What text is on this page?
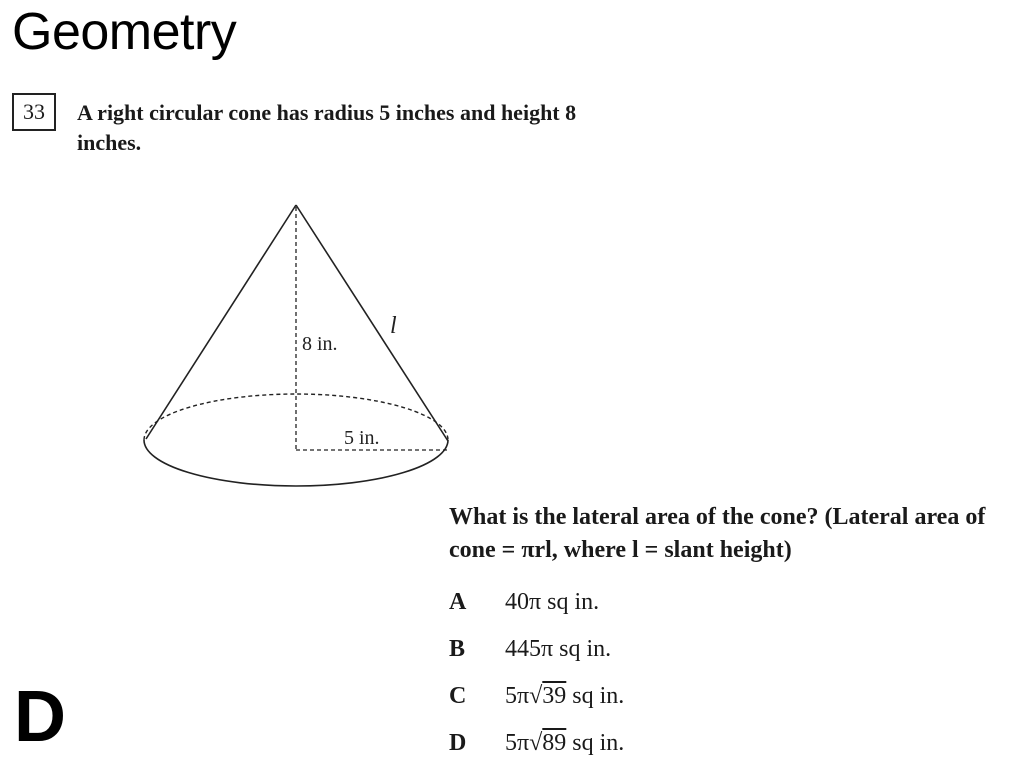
Geometry
33	A right circular cone has radius 5 inches and height 8 inches.
8 in.
5 in.
l
What is the lateral area of the cone? (Lateral area of cone = πrl, where l = slant height)
A 40π sq in.
B 445π sq in.
C 5π√39 sq in.
D 5π√89 sq in.
D
